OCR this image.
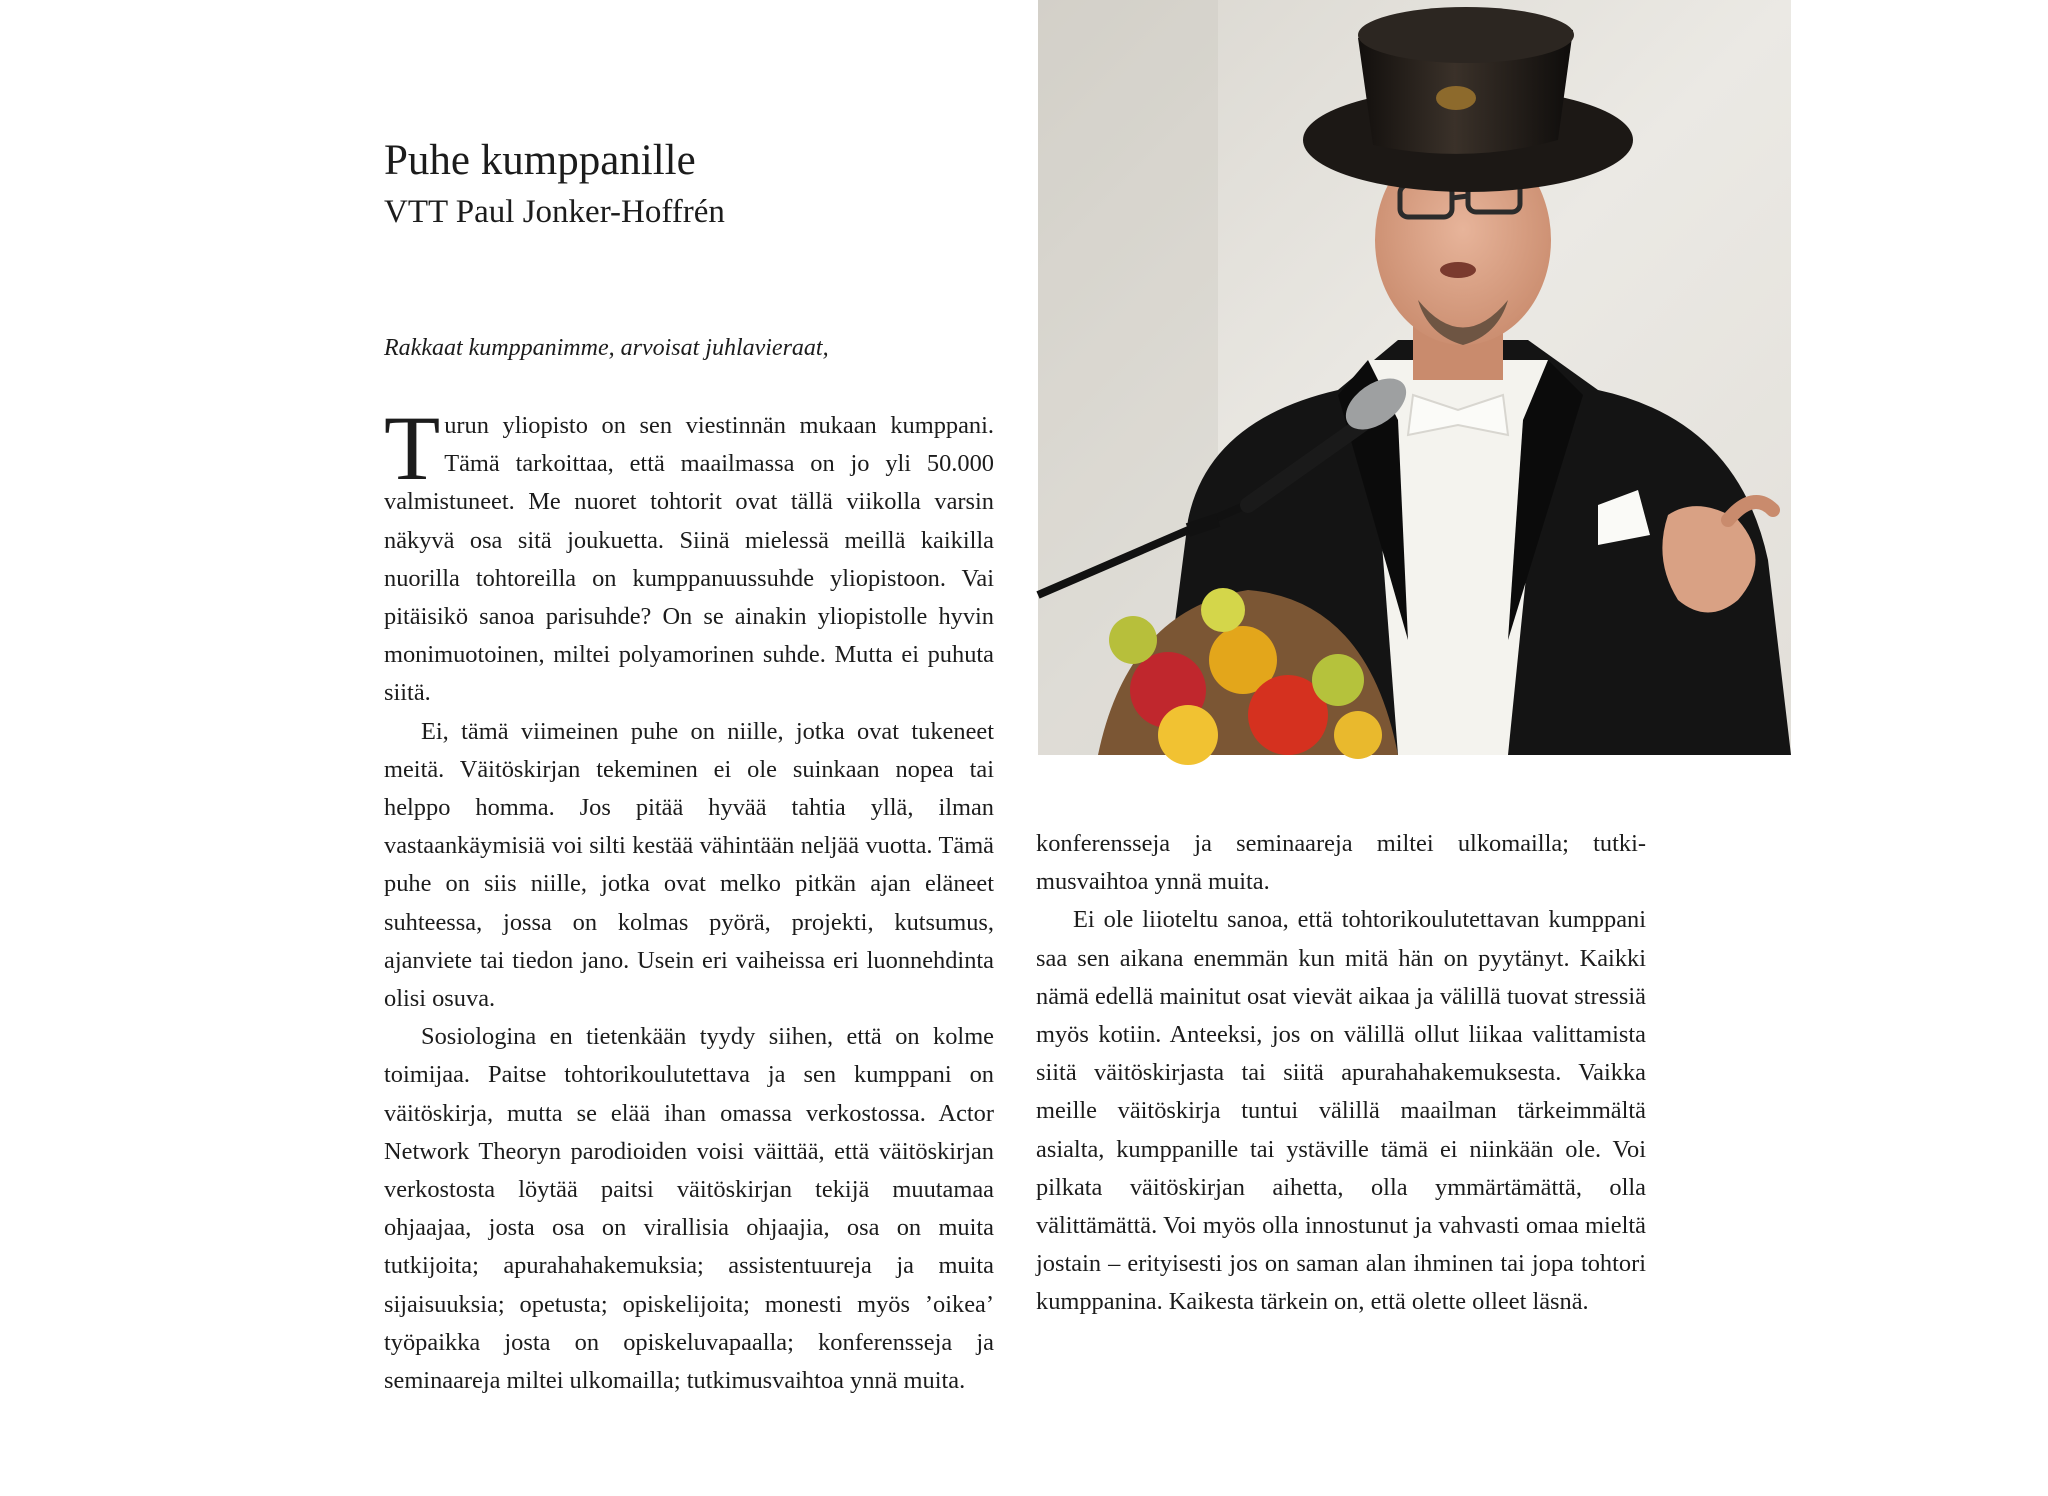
Puhe kumppanille
VTT Paul Jonker-Hoffrén

Rakkaat kumppanimme, arvoisat juhlavieraat,

Turun yliopisto on sen viestinnän mukaan kumppani. Tämä tarkoittaa, että maailmassa on jo yli 50.000 valmistuneet. Me nuoret tohtorit ovat tällä viikolla varsin näkyvä osa sitä joukuetta. Siinä mielessä meillä kaikilla nuorilla tohtoreilla on kumppanuussuhde yliopistoon. Vai pitäisikö sanoa parisuhde? On se ainakin yliopistolle hyvin monimuotoinen, miltei polyamorinen suhde. Mutta ei puhuta siitä.

Ei, tämä viimeinen puhe on niille, jotka ovat tukeneet meitä. Väitöskirjan tekeminen ei ole suinkaan nopea tai helppo homma. Jos pitää hyvää tahtia yllä, ilman vastaankäymisiä voi silti kestää vähintään neljää vuotta. Tämä puhe on siis niille, jotka ovat melko pitkän ajan eläneet suhteessa, jossa on kolmas pyörä, projekti, kutsumus, ajanviete tai tiedon jano. Usein eri vaiheissa eri luonnehdinta olisi osuva.

Sosiologina en tietenkään tyydy siihen, että on kolme toimijaa. Paitse tohtorikoulutettava ja sen kumppani on väitöskirja, mutta se elää ihan omassa verkostossa. Actor Network Theoryn parodioiden voisi väittää, että väitöskirjan verkostosta löytää paitsi väitöskirjan tekijä muutamaa ohjaajaa, josta osa on virallisia ohjaajia, osa on muita tutkijoita; apurahahakemuksia; assistentuureja ja muita sijaisuuksia; opetusta; opiskelijoita; monesti myös ’oikea’ työpaikka josta on opiskeluvapaalla; konferensseja ja seminaareja miltei ulkomailla; tutkimusvaihtoa ynnä muita.

konferensseja ja seminaareja miltei ulkomailla; tutkimusvaihtoa ynnä muita.

Ei ole liioteltu sanoa, että tohtorikoulutettavan kumppani saa sen aikana enemmän kun mitä hän on pyytänyt. Kaikki nämä edellä mainitut osat vievät aikaa ja välillä tuovat stressiä myös kotiin. Anteeksi, jos on välillä ollut liikaa valittamista siitä väitöskirjasta tai siitä apurahahakemuksesta. Vaikka meille väitöskirja tuntui välillä maailman tärkeimmältä asialta, kumppanille tai ystäville tämä ei niinkään ole. Voi pilkata väitöskirjan aihetta, olla ymmärtämättä, olla välittämättä. Voi myös olla innostunut ja vahvasti omaa mieltä jostain – erityisesti jos on saman alan ihminen tai jopa tohtori kumppanina. Kaikesta tärkein on, että olette olleet läsnä.
